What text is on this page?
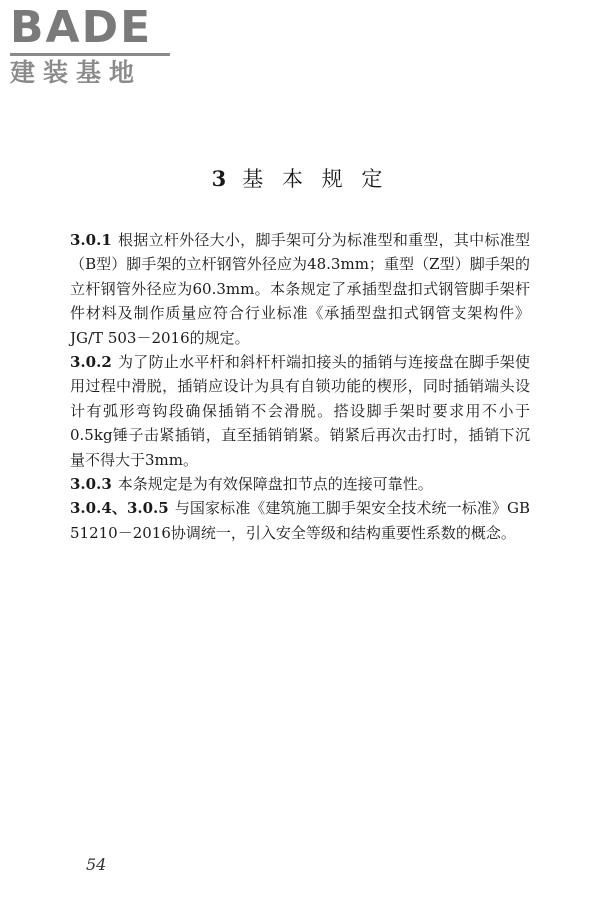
BADE
建装基地
3 基 本 规 定

3.0.1 根据立杆外径大小，脚手架可分为标准型和重型，其中标准型（B型）脚手架的立杆钢管外径应为48.3mm；重型（Z型）脚手架的立杆钢管外径应为60.3mm。本条规定了承插型盘扣式钢管脚手架杆件材料及制作质量应符合行业标准《承插型盘扣式钢管支架构件》JG/T 503－2016的规定。

3.0.2 为了防止水平杆和斜杆杆端扣接头的插销与连接盘在脚手架使用过程中滑脱，插销应设计为具有自锁功能的楔形，同时插销端头设计有弧形弯钩段确保插销不会滑脱。搭设脚手架时要求用不小于0.5kg锤子击紧插销，直至插销销紧。销紧后再次击打时，插销下沉量不得大于3mm。

3.0.3 本条规定是为有效保障盘扣节点的连接可靠性。

3.0.4、3.0.5 与国家标准《建筑施工脚手架安全技术统一标准》GB 51210－2016协调统一，引入安全等级和结构重要性系数的概念。

54
